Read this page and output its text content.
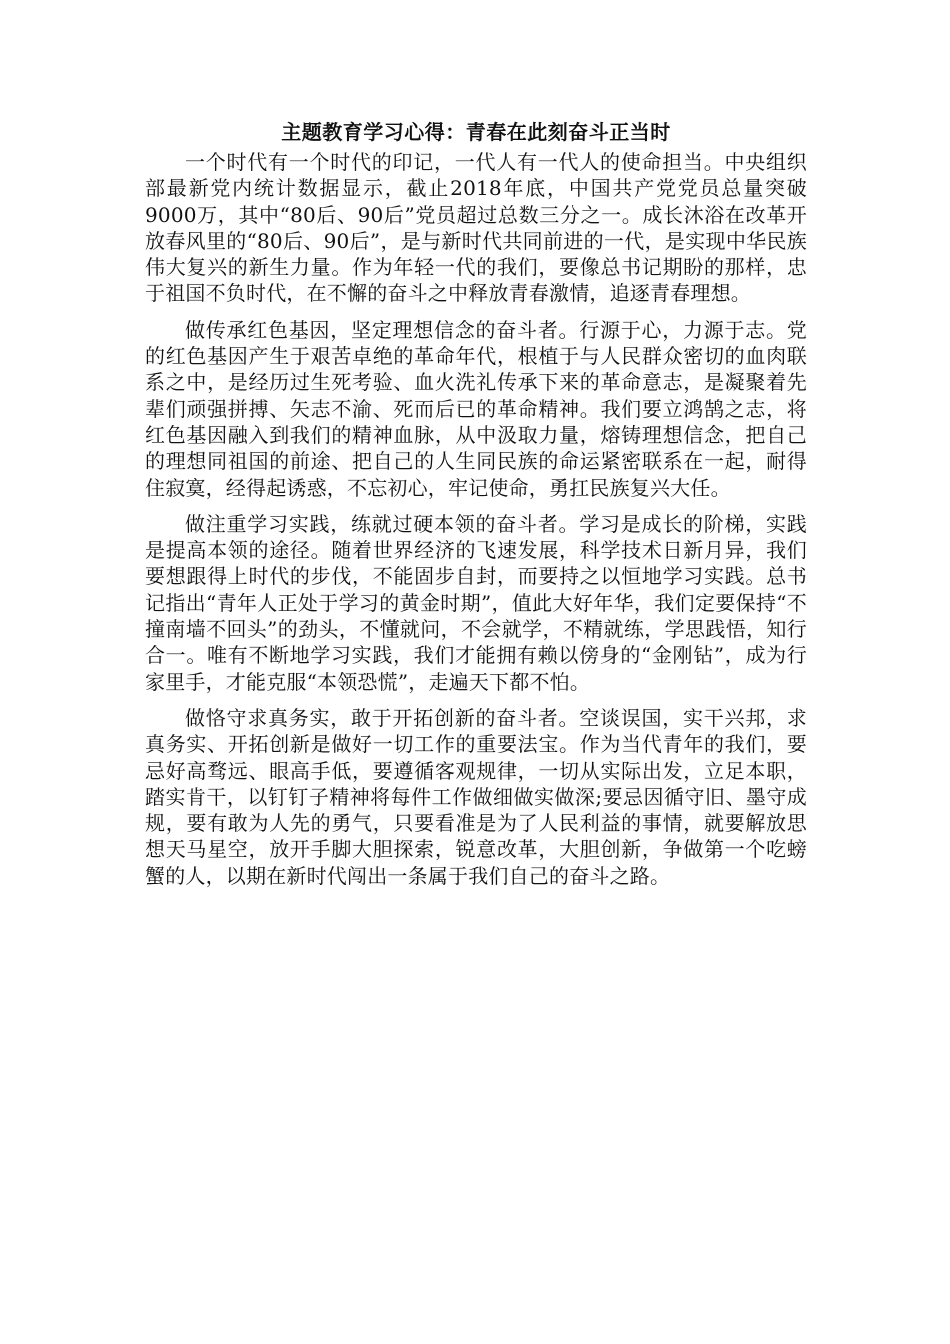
主题教育学习心得：青春在此刻奋斗正当时

一个时代有一个时代的印记，一代人有一代人的使命担当。中央组织部最新党内统计数据显示，截止2018年底，中国共产党党员总量突破9000万，其中“80后、90后”党员超过总数三分之一。成长沐浴在改革开放春风里的“80后、90后”，是与新时代共同前进的一代，是实现中华民族伟大复兴的新生力量。作为年轻一代的我们，要像总书记期盼的那样，忠于祖国不负时代，在不懈的奋斗之中释放青春激情，追逐青春理想。

做传承红色基因，坚定理想信念的奋斗者。行源于心，力源于志。党的红色基因产生于艰苦卓绝的革命年代，根植于与人民群众密切的血肉联系之中，是经历过生死考验、血火洗礼传承下来的革命意志，是凝聚着先辈们顽强拼搏、矢志不渝、死而后已的革命精神。我们要立鸿鹄之志，将红色基因融入到我们的精神血脉，从中汲取力量，熔铸理想信念，把自己的理想同祖国的前途、把自己的人生同民族的命运紧密联系在一起，耐得住寂寞，经得起诱惑，不忘初心，牢记使命，勇扛民族复兴大任。

做注重学习实践，练就过硬本领的奋斗者。学习是成长的阶梯，实践是提高本领的途径。随着世界经济的飞速发展，科学技术日新月异，我们要想跟得上时代的步伐，不能固步自封，而要持之以恒地学习实践。总书记指出“青年人正处于学习的黄金时期”，值此大好年华，我们定要保持“不撞南墙不回头”的劲头，不懂就问，不会就学，不精就练，学思践悟，知行合一。唯有不断地学习实践，我们才能拥有赖以傍身的“金刚钻”，成为行家里手，才能克服“本领恐慌”，走遍天下都不怕。

做恪守求真务实，敢于开拓创新的奋斗者。空谈误国，实干兴邦，求真务实、开拓创新是做好一切工作的重要法宝。作为当代青年的我们，要忌好高骛远、眼高手低，要遵循客观规律，一切从实际出发，立足本职，踏实肯干，以钉钉子精神将每件工作做细做实做深;要忌因循守旧、墨守成规，要有敢为人先的勇气，只要看准是为了人民利益的事情，就要解放思想天马星空，放开手脚大胆探索，锐意改革，大胆创新，争做第一个吃螃蟹的人，以期在新时代闯出一条属于我们自己的奋斗之路。
